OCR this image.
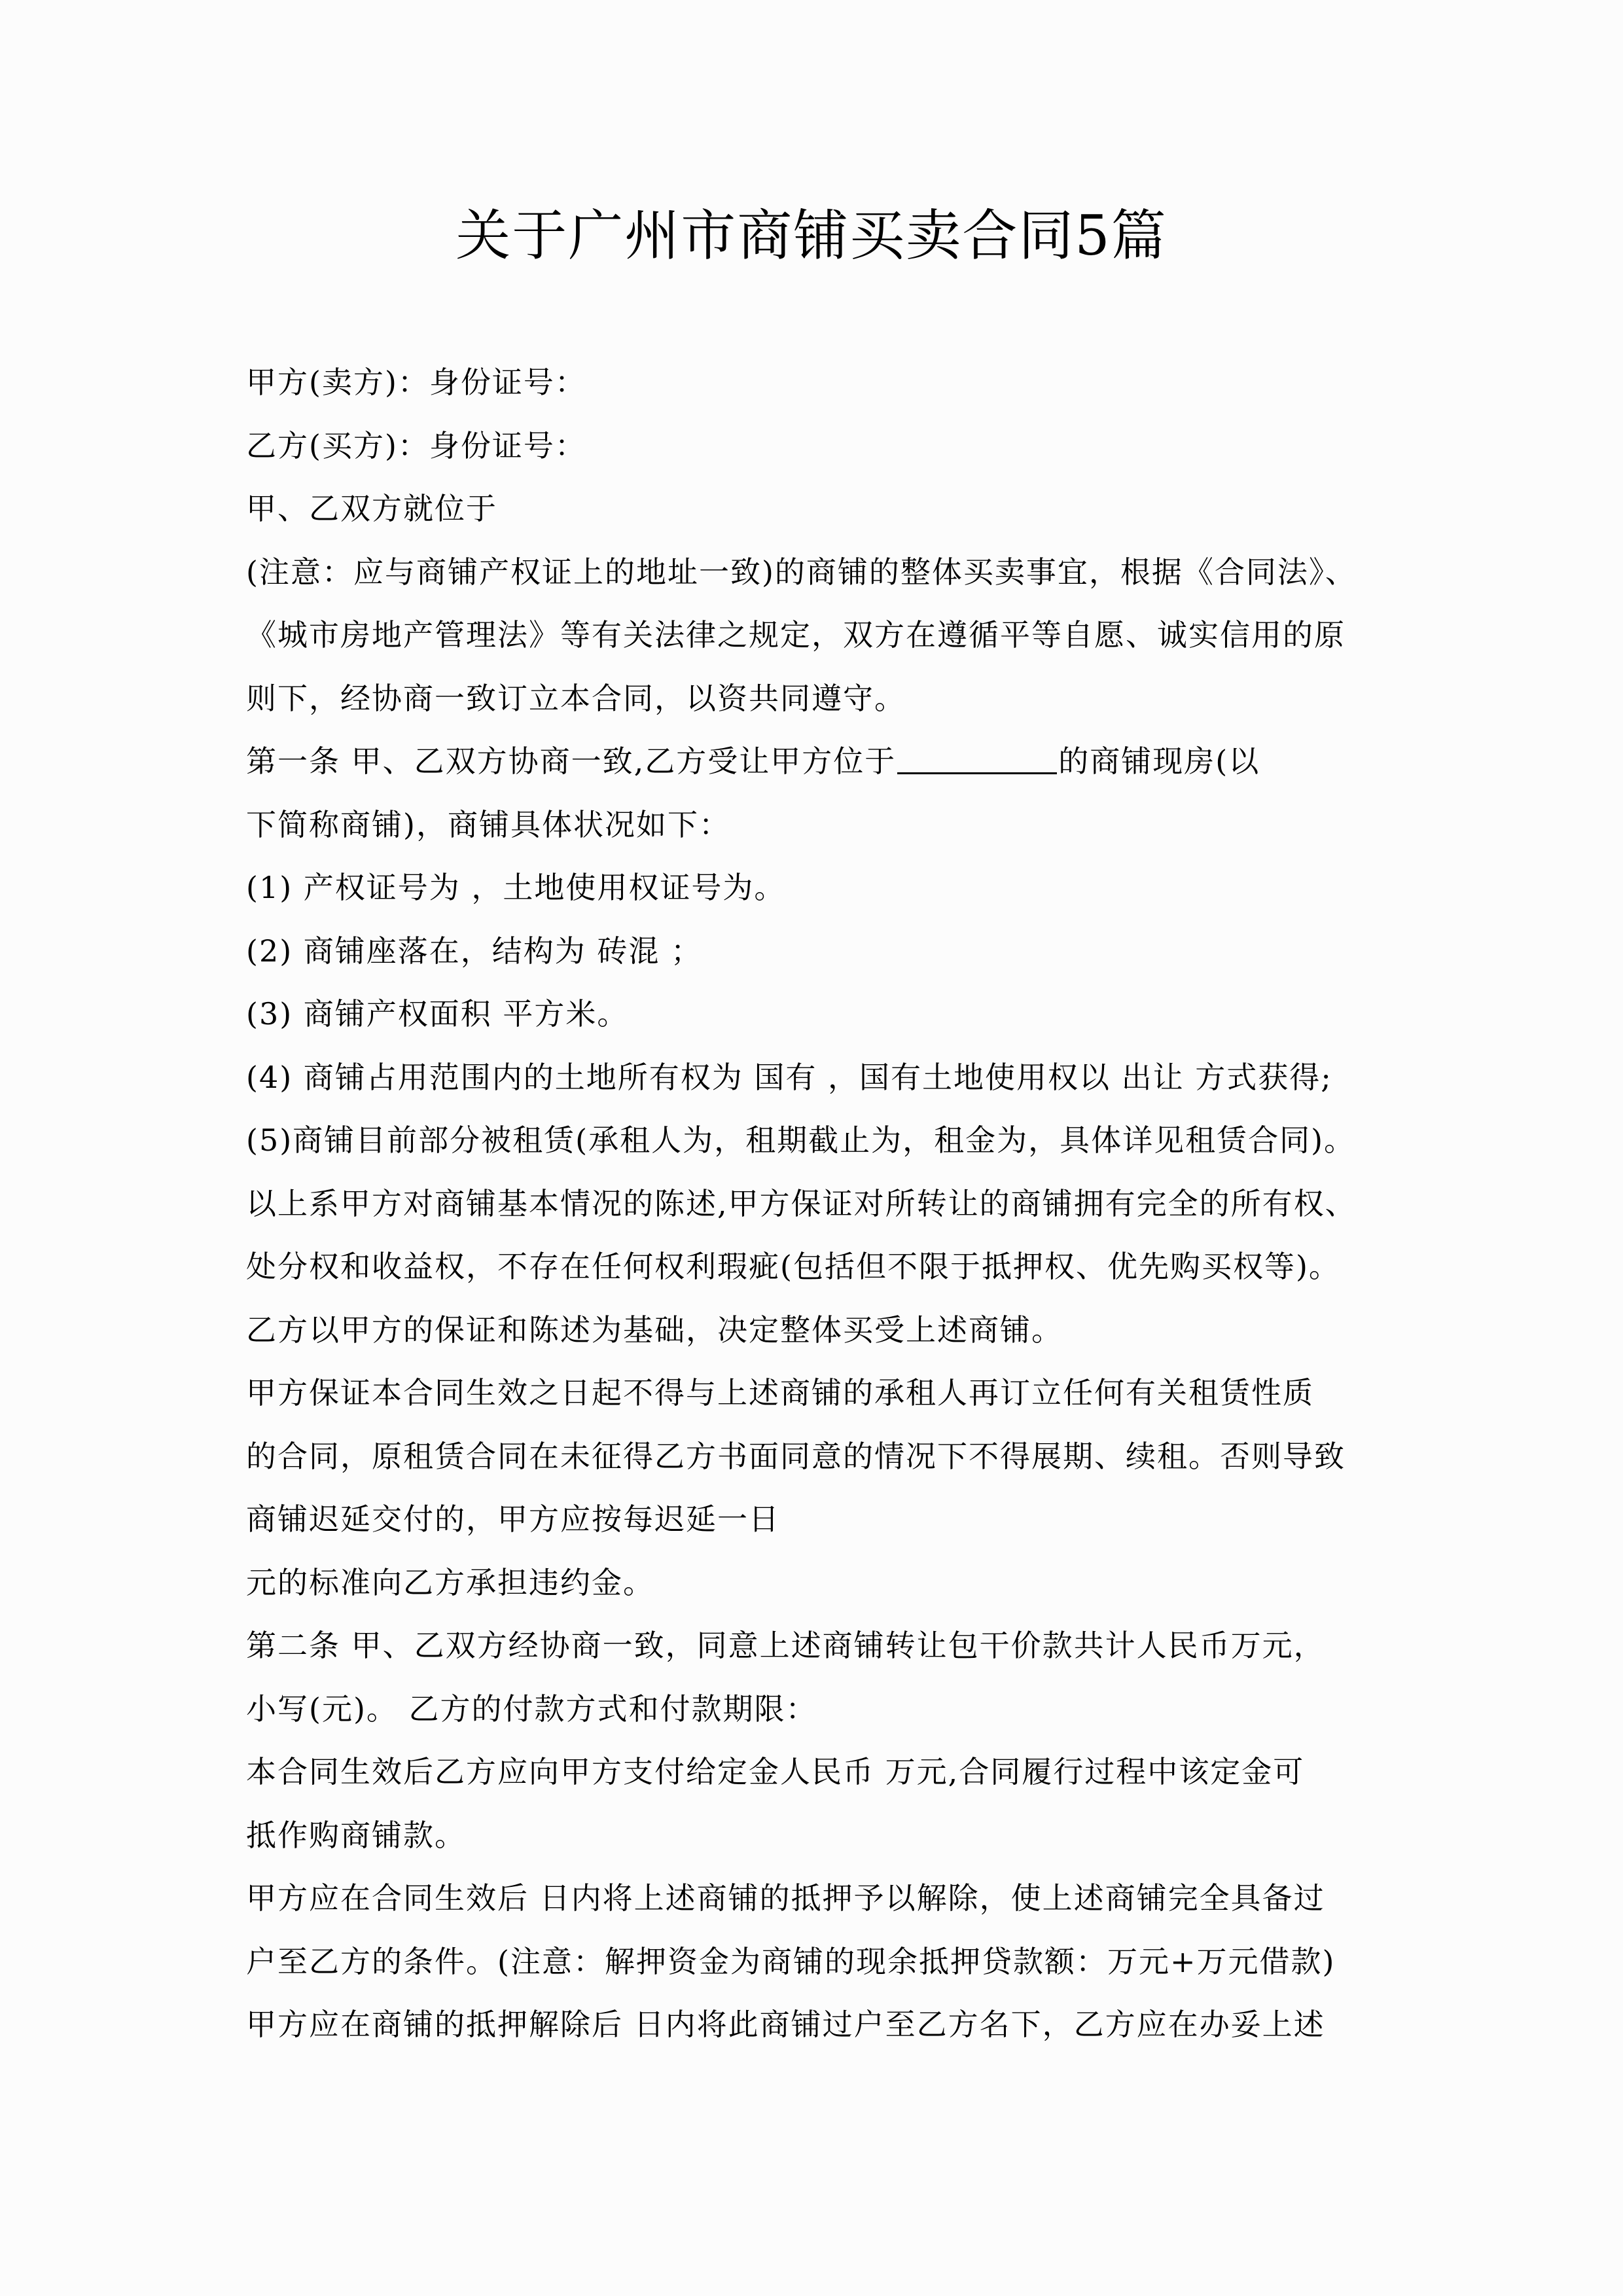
关于广州市商铺买卖合同5篇
甲方(卖方)：身份证号：
乙方(买方)：身份证号：
甲、乙双方就位于
(注意：应与商铺产权证上的地址一致)的商铺的整体买卖事宜，根据《合同法》、
《城市房地产管理法》等有关法律之规定，双方在遵循平等自愿、诚实信用的原
则下，经协商一致订立本合同，以资共同遵守。
第一条 甲、乙双方协商一致,乙方受让甲方位于	的商铺现房(以
下简称商铺)，商铺具体状况如下：
(1) 产权证号为 ，土地使用权证号为。
(2) 商铺座落在，结构为 砖混 ；
(3) 商铺产权面积 平方米。
(4) 商铺占用范围内的土地所有权为 国有 ，国有土地使用权以 出让 方式获得;
(5)商铺目前部分被租赁(承租人为，租期截止为，租金为，具体详见租赁合同)。
以上系甲方对商铺基本情况的陈述,甲方保证对所转让的商铺拥有完全的所有权、
处分权和收益权，不存在任何权利瑕疵(包括但不限于抵押权、优先购买权等)。
乙方以甲方的保证和陈述为基础，决定整体买受上述商铺。
甲方保证本合同生效之日起不得与上述商铺的承租人再订立任何有关租赁性质
的合同，原租赁合同在未征得乙方书面同意的情况下不得展期、续租。否则导致
商铺迟延交付的，甲方应按每迟延一日
元的标准向乙方承担违约金。
第二条 甲、乙双方经协商一致，同意上述商铺转让包干价款共计人民币万元，
小写(元)。 乙方的付款方式和付款期限：
本合同生效后乙方应向甲方支付给定金人民币 万元,合同履行过程中该定金可
抵作购商铺款。
甲方应在合同生效后 日内将上述商铺的抵押予以解除，使上述商铺完全具备过
户至乙方的条件。(注意：解押资金为商铺的现余抵押贷款额：万元+万元借款)
甲方应在商铺的抵押解除后 日内将此商铺过户至乙方名下，乙方应在办妥上述
